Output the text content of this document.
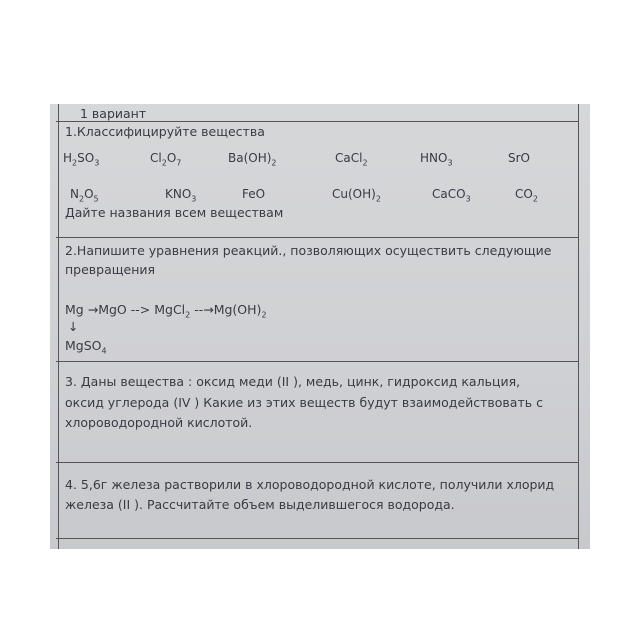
1 вариант
1.Классифицируйте вещества
$H_2SO_3$	$Cl_2O_7$	$Ba(OH)_2$	CaCl$_2$	$HNO_3$	SrO
$N_2O_5$	$KNO_3$	FeO	$Cu(OH)_2$	CaCO$_3$	$CO_2$
Дайте названия всем веществам
2.Напишите уравнения реакций., позволяющих осуществить следующие
превращения
Mg →MgO --> MgCl$_2$ $--\to Mg(OH)_2$
↓
MgSO$_4$
3. Даны вещества : оксид меди (II ), медь, цинк, гидроксид кальция,
оксид углерода (IV ) Какие из этих веществ будут взаимодействовать с
хлороводородной кислотой.
4. 5,6г железа растворили в хлороводородной кислоте, получили хлорид
железа (II ). Рассчитайте объем выделившегося водорода.
